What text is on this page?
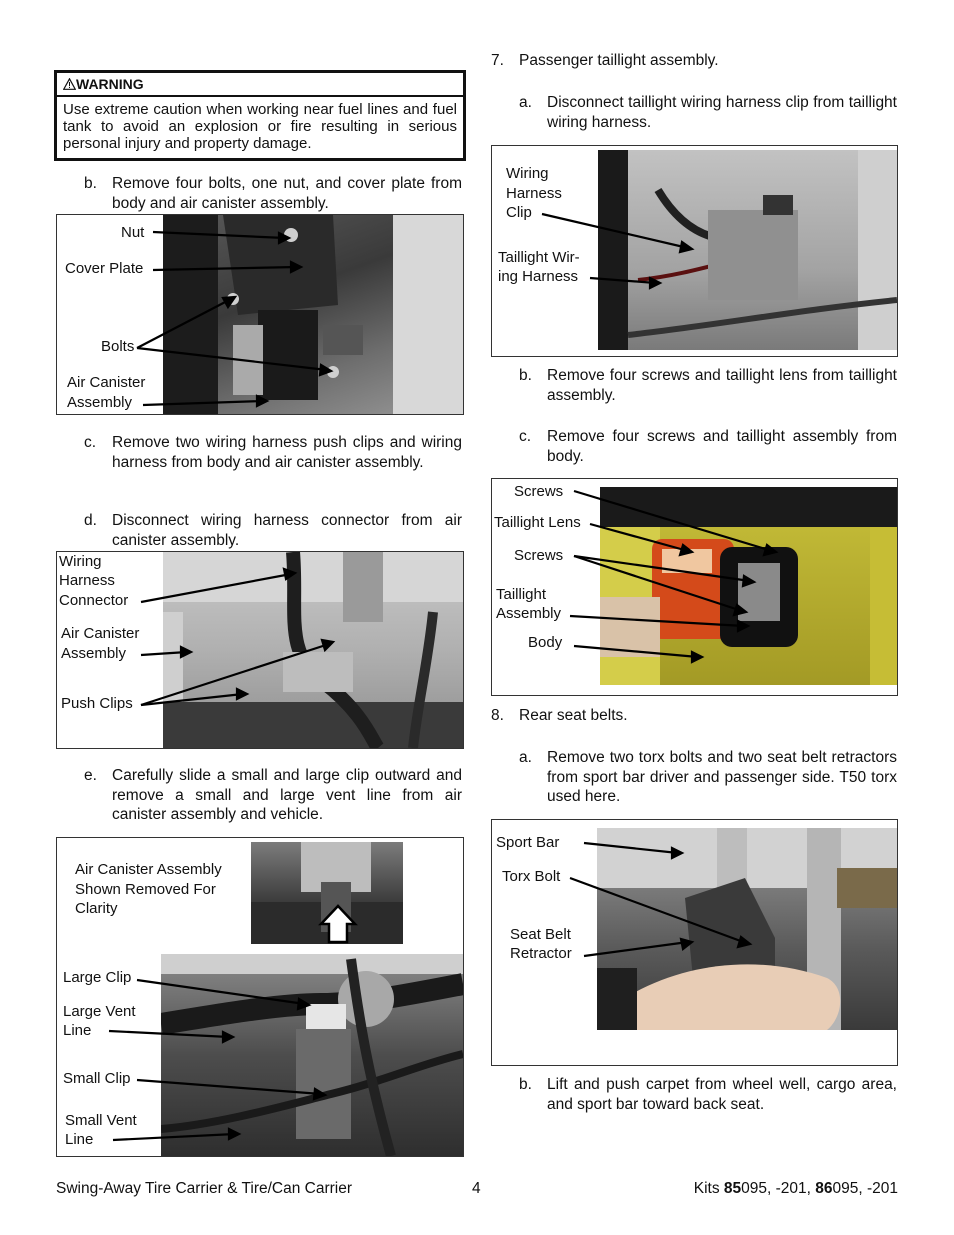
WARNING
Use extreme caution when working near fuel lines and fuel tank to avoid an explosion or fire resulting in serious personal injury and property damage.
b. Remove four bolts, one nut, and cover plate from body and air canister assembly.
Nut
Cover Plate
Bolts
Air Canister
Assembly
c. Remove two wiring harness push clips and wiring harness from body and air canister assembly.
d. Disconnect wiring harness connector from air canister assembly.
Wiring
Harness
Connector
Air Canister
Assembly
Push Clips
e. Carefully slide a small and large clip outward and remove a small and large vent line from air canister assembly and vehicle.
Air Canister Assembly
Shown Removed For
Clarity
Large Clip
Large Vent
Line
Small Clip
Small Vent
Line
7. Passenger taillight assembly.
a. Disconnect taillight wiring harness clip from taillight wiring harness.
Wiring
Harness
Clip
Taillight Wir-
ing Harness
b. Remove four screws and taillight lens from taillight assembly.
c. Remove four screws and taillight assembly from body.
Screws
Taillight Lens
Screws
Taillight
Assembly
Body
8. Rear seat belts.
a. Remove two torx bolts and two seat belt retractors from sport bar driver and passenger side. T50 torx used here.
Sport Bar
Torx Bolt
Seat Belt
Retractor
b. Lift and push carpet from wheel well, cargo area, and sport bar toward back seat.
Swing-Away Tire Carrier & Tire/Can Carrier	4	Kits 85095, -201, 86095, -201
